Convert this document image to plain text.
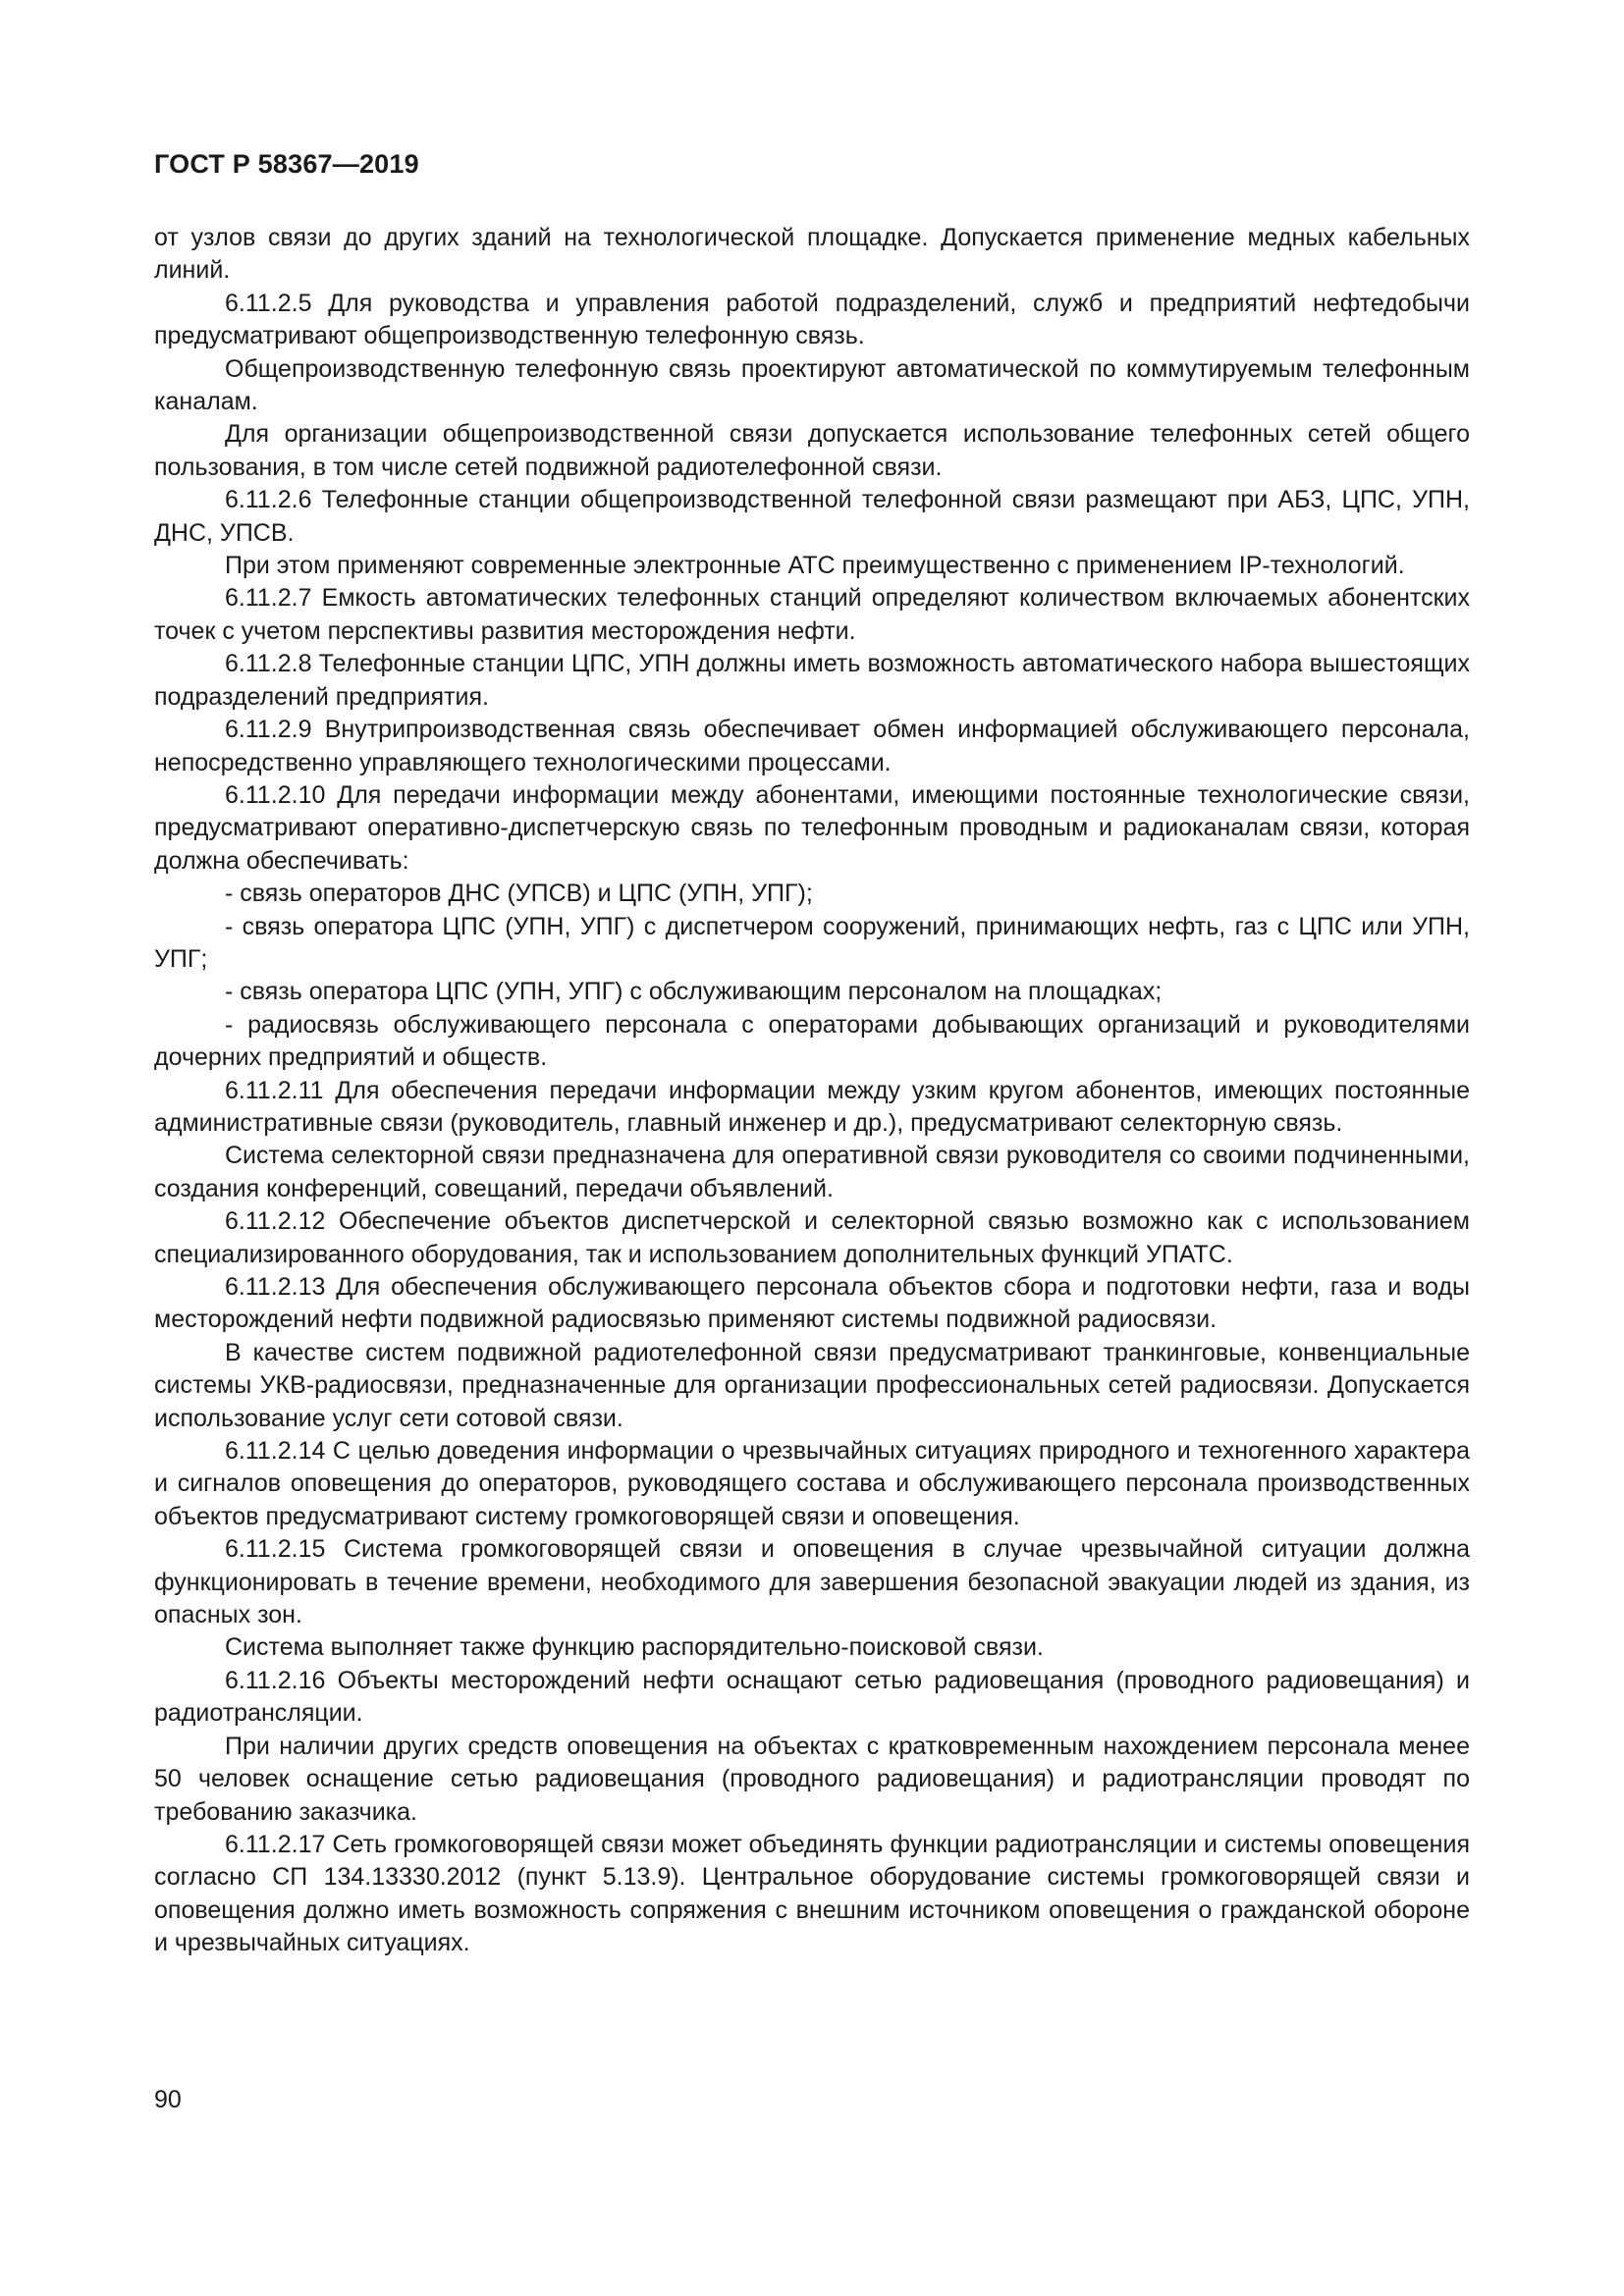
ГОСТ Р 58367—2019

от узлов связи до других зданий на технологической площадке. Допускается применение медных кабельных линий.

6.11.2.5 Для руководства и управления работой подразделений, служб и предприятий нефтедобычи предусматривают общепроизводственную телефонную связь.

Общепроизводственную телефонную связь проектируют автоматической по коммутируемым телефонным каналам.

Для организации общепроизводственной связи допускается использование телефонных сетей общего пользования, в том числе сетей подвижной радиотелефонной связи.

6.11.2.6 Телефонные станции общепроизводственной телефонной связи размещают при АБЗ, ЦПС, УПН, ДНС, УПСВ.

При этом применяют современные электронные АТС преимущественно с применением IP-технологий.

6.11.2.7 Емкость автоматических телефонных станций определяют количеством включаемых абонентских точек с учетом перспективы развития месторождения нефти.

6.11.2.8 Телефонные станции ЦПС, УПН должны иметь возможность автоматического набора вышестоящих подразделений предприятия.

6.11.2.9 Внутрипроизводственная связь обеспечивает обмен информацией обслуживающего персонала, непосредственно управляющего технологическими процессами.

6.11.2.10 Для передачи информации между абонентами, имеющими постоянные технологические связи, предусматривают оперативно-диспетчерскую связь по телефонным проводным и радиоканалам связи, которая должна обеспечивать:

- связь операторов ДНС (УПСВ) и ЦПС (УПН, УПГ);

- связь оператора ЦПС (УПН, УПГ) с диспетчером сооружений, принимающих нефть, газ с ЦПС или УПН, УПГ;

- связь оператора ЦПС (УПН, УПГ) с обслуживающим персоналом на площадках;

- радиосвязь обслуживающего персонала с операторами добывающих организаций и руководителями дочерних предприятий и обществ.

6.11.2.11 Для обеспечения передачи информации между узким кругом абонентов, имеющих постоянные административные связи (руководитель, главный инженер и др.), предусматривают селекторную связь.

Система селекторной связи предназначена для оперативной связи руководителя со своими подчиненными, создания конференций, совещаний, передачи объявлений.

6.11.2.12 Обеспечение объектов диспетчерской и селекторной связью возможно как с использованием специализированного оборудования, так и использованием дополнительных функций УПАТС.

6.11.2.13 Для обеспечения обслуживающего персонала объектов сбора и подготовки нефти, газа и воды месторождений нефти подвижной радиосвязью применяют системы подвижной радиосвязи.

В качестве систем подвижной радиотелефонной связи предусматривают транкинговые, конвенциальные системы УКВ-радиосвязи, предназначенные для организации профессиональных сетей радиосвязи. Допускается использование услуг сети сотовой связи.

6.11.2.14 С целью доведения информации о чрезвычайных ситуациях природного и техногенного характера и сигналов оповещения до операторов, руководящего состава и обслуживающего персонала производственных объектов предусматривают систему громкоговорящей связи и оповещения.

6.11.2.15 Система громкоговорящей связи и оповещения в случае чрезвычайной ситуации должна функционировать в течение времени, необходимого для завершения безопасной эвакуации людей из здания, из опасных зон.

Система выполняет также функцию распорядительно-поисковой связи.

6.11.2.16 Объекты месторождений нефти оснащают сетью радиовещания (проводного радиовещания) и радиотрансляции.

При наличии других средств оповещения на объектах с кратковременным нахождением персонала менее 50 человек оснащение сетью радиовещания (проводного радиовещания) и радиотрансляции проводят по требованию заказчика.

6.11.2.17 Сеть громкоговорящей связи может объединять функции радиотрансляции и системы оповещения согласно СП 134.13330.2012 (пункт 5.13.9). Центральное оборудование системы громкоговорящей связи и оповещения должно иметь возможность сопряжения с внешним источником оповещения о гражданской обороне и чрезвычайных ситуациях.

90
